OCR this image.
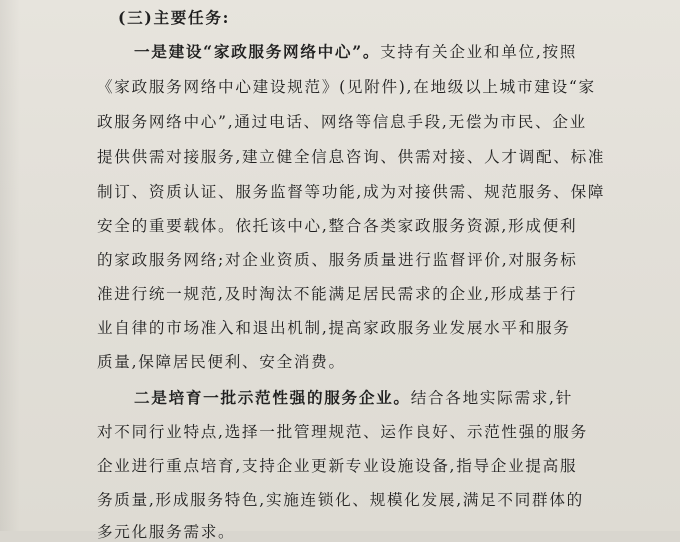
(三)主要任务:
一是建设“家政服务网络中心”。支持有关企业和单位,按照
《家政服务网络中心建设规范》(见附件),在地级以上城市建设“家
政服务网络中心”,通过电话、网络等信息手段,无偿为市民、企业
提供供需对接服务,建立健全信息咨询、供需对接、人才调配、标准
制订、资质认证、服务监督等功能,成为对接供需、规范服务、保障
安全的重要载体。依托该中心,整合各类家政服务资源,形成便利
的家政服务网络;对企业资质、服务质量进行监督评价,对服务标
准进行统一规范,及时淘汰不能满足居民需求的企业,形成基于行
业自律的市场准入和退出机制,提高家政服务业发展水平和服务
质量,保障居民便利、安全消费。
二是培育一批示范性强的服务企业。结合各地实际需求,针
对不同行业特点,选择一批管理规范、运作良好、示范性强的服务
企业进行重点培育,支持企业更新专业设施设备,指导企业提高服
务质量,形成服务特色,实施连锁化、规模化发展,满足不同群体的
多元化服务需求。
